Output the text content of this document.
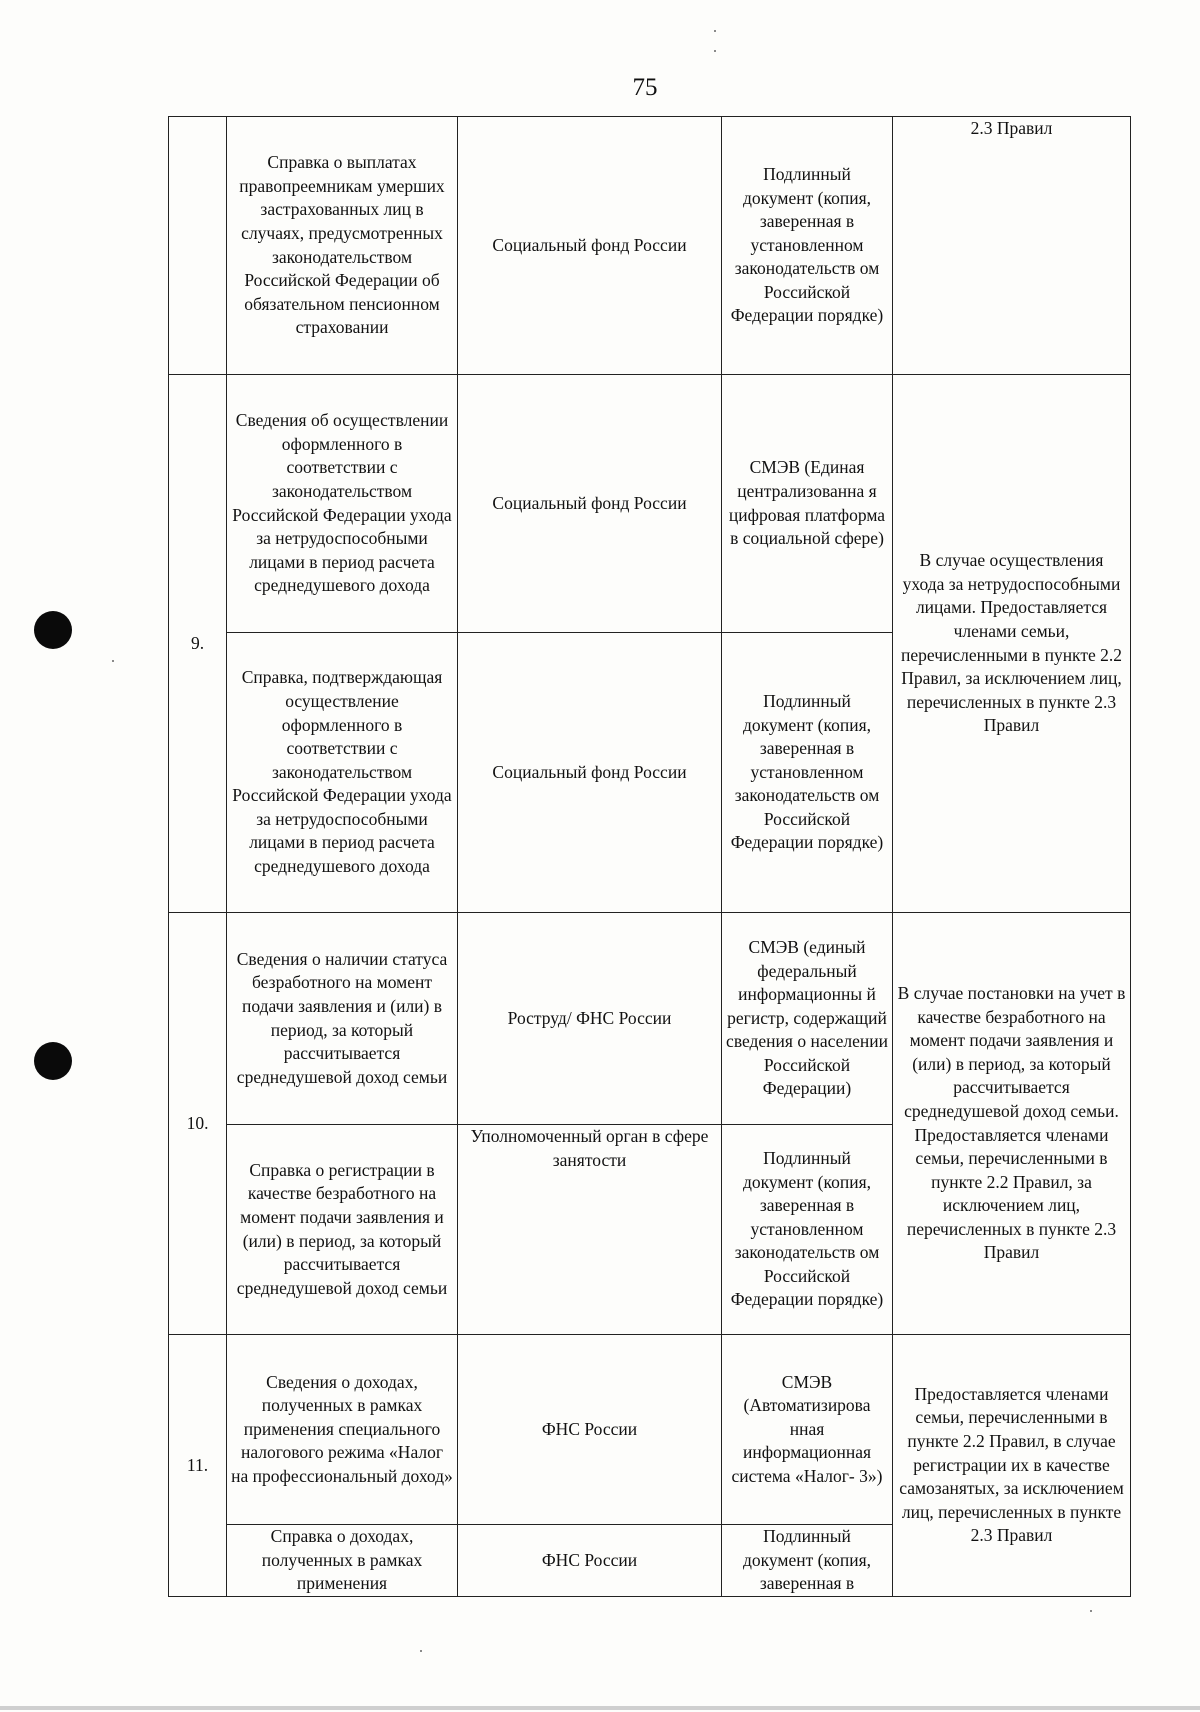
75
	Справка о выплатах правопреемникам умерших застрахованных лиц в случаях, предусмотренных законодательством Российской Федерации об обязательном пенсионном страховании	Социальный фонд России	Подлинный документ (копия, заверенная в установленном законодательств ом Российской Федерации порядке)	2.3 Правил
9.	Сведения об осуществлении оформленного в соответствии с законодательством Российской Федерации ухода за нетрудоспособными лицами в период расчета среднедушевого дохода	Социальный фонд России	СМЭВ (Единая централизованна я цифровая платформа в социальной сфере)	В случае осуществления ухода за нетрудоспособными лицами. Предоставляется членами семьи, перечисленными в пункте 2.2 Правил, за исключением лиц, перечисленных в пункте 2.3 Правил
	Справка, подтверждающая осуществление оформленного в соответствии с законодательством Российской Федерации ухода за нетрудоспособными лицами в период расчета среднедушевого дохода	Социальный фонд России	Подлинный документ (копия, заверенная в установленном законодательств ом Российской Федерации порядке)	
10.	Сведения о наличии статуса безработного на момент подачи заявления и (или) в период, за который рассчитывается среднедушевой доход семьи	Роструд/ ФНС России	СМЭВ (единый федеральный информационны й регистр, содержащий сведения о населении Российской Федерации)	В случае постановки на учет в качестве безработного на момент подачи заявления и (или) в период, за который рассчитывается среднедушевой доход семьи. Предоставляется членами семьи, перечисленными в пункте 2.2 Правил, за исключением лиц, перечисленных в пункте 2.3 Правил
	Справка о регистрации в качестве безработного на момент подачи заявления и (или) в период, за который рассчитывается среднедушевой доход семьи	Уполномоченный орган в сфере занятости	Подлинный документ (копия, заверенная в установленном законодательств ом Российской Федерации порядке)	
11.	Сведения о доходах, полученных в рамках применения специального налогового режима «Налог на профессиональный доход»	ФНС России	СМЭВ (Автоматизирова нная информационная система «Налог- 3»)	Предоставляется членами семьи, перечисленными в пункте 2.2 Правил, в случае регистрации их в качестве самозанятых, за исключением лиц, перечисленных в пункте 2.3 Правил
	Справка о доходах, полученных в рамках применения	ФНС России	Подлинный документ (копия, заверенная в	
